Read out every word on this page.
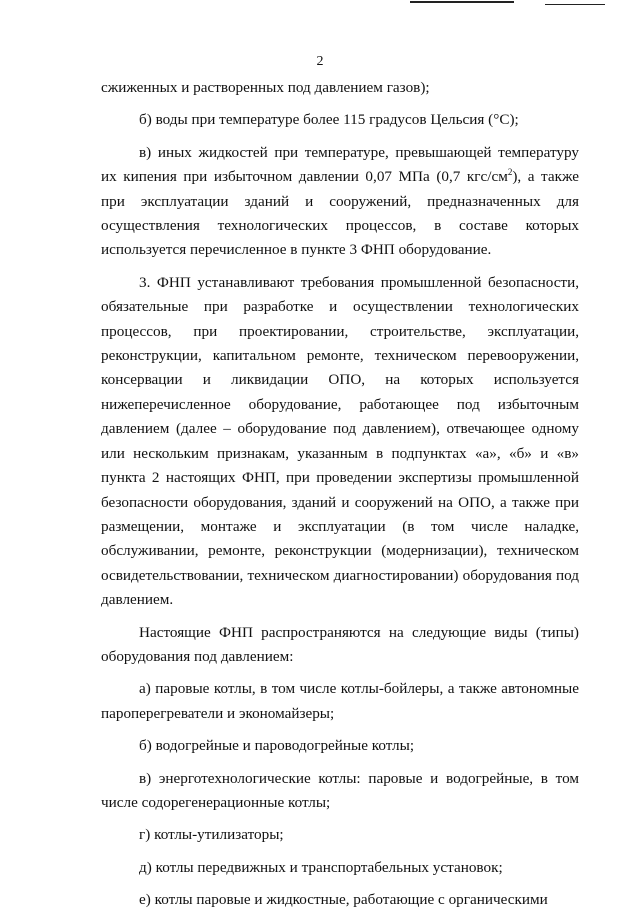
2

сжиженных и растворенных под давлением газов);

б) воды при температуре более 115 градусов Цельсия (°С);

в) иных жидкостей при температуре, превышающей температуру их кипения при избыточном давлении 0,07 МПа (0,7 кгс/$см^2$), а также при эксплуатации зданий и сооружений, предназначенных для осуществления технологических процессов, в составе которых используется перечисленное в пункте 3 ФНП оборудование.

3. ФНП устанавливают требования промышленной безопасности, обязательные при разработке и осуществлении технологических процессов, при проектировании, строительстве, эксплуатации, реконструкции, капитальном ремонте, техническом перевооружении, консервации и ликвидации ОПО, на которых используется нижеперечисленное оборудование, работающее под избыточным давлением (далее – оборудование под давлением), отвечающее одному или нескольким признакам, указанным в подпунктах «а», «б» и «в» пункта 2 настоящих ФНП, при проведении экспертизы промышленной безопасности оборудования, зданий и сооружений на ОПО, а также при размещении, монтаже и эксплуатации (в том числе наладке, обслуживании, ремонте, реконструкции (модернизации), техническом освидетельствовании, техническом диагностировании) оборудования под давлением.

Настоящие ФНП распространяются на следующие виды (типы) оборудования под давлением:

а) паровые котлы, в том числе котлы-бойлеры, а также автономные пароперегреватели и экономайзеры;

б) водогрейные и пароводогрейные котлы;

в) энерготехнологические котлы: паровые и водогрейные, в том числе содорегенерационные котлы;

г) котлы-утилизаторы;

д) котлы передвижных и транспортабельных установок;

е) котлы паровые и жидкостные, работающие с органическими
